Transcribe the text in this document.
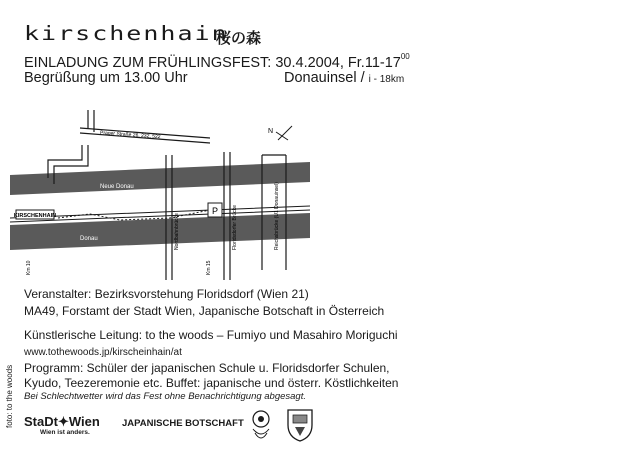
kirschenhain
桜の森
EINLADUNG ZUM FRÜHLINGSFEST: 30.4.2004, $Fr.11-17^{00}$
Begrüßung um 13.00 Uhr	Donauinsel / i - 18km
P
KIRSCHENHAIN
Prager Straße 26, 232, 522
Neue Donau
Donau	Nordbahnbrücke	Floridsdorfer Brücke	Reichsbrücke (U1 Donauinsel)
Km 10	Km 15
N
Veranstalter: Bezirksvorstehung Floridsdorf (Wien 21)
MA49, Forstamt der Stadt Wien, Japanische Botschaft in Österreich
Künstlerische Leitung: to the woods – Fumiyo und Masahiro Moriguchi
www.tothewoods.jp/kirscheinhain/at
Programm: Schüler der japanischen Schule u. Floridsdorfer Schulen,
Kyudo, Teezeremonie etc. Buffet: japanische und österr. Köstlichkeiten
Bei Schlechtwetter wird das Fest ohne Benachrichtigung abgesagt.
foto: to the woods StaDt✦Wien
Wien ist anders.
JAPANISCHE BOTSCHAFT
